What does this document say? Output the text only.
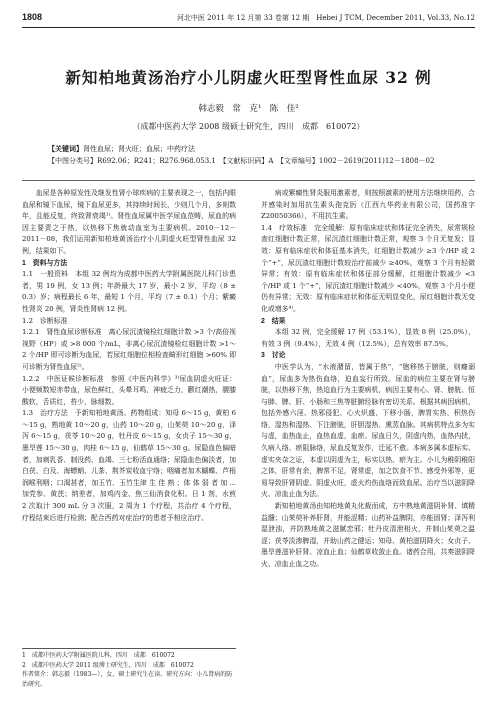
1808	河北中医 2011 年 12 月第 33 卷第 12 期　Hebei J TCM, December 2011, Vol.33, No.12
新知柏地黄汤治疗小儿阴虚火旺型肾性血尿 32 例
韩志毅　常　克¹　陈　佳²
（成都中医药大学 2008 级硕士研究生，四川　成都　610072）
【关键词】肾性血尿；肾火旺；血尿；中药疗法
【中图分类号】R692.06；R241；R276.968.053.1　【文献标识码】A　【文章编号】1002－2619(2011)12－1808－02

血尿是各种原发性及继发性肾小球疾病的主要表现之一，包括内眼血尿和镜下血尿，镜下血尿更多，其持续时间长，少则几个月，多则数年，且能反复，终致肾衰竭¹⁾。肾性血尿属中医学尿血范畴，尿血的病因主要责之于热，以热移下焦就动血室为主要病机。2010－12－2011－08，我们运用新知柏地黄汤治疗小儿阴虚火旺型肾性血尿 32 例，结果如下。

1　资料与方法

1.1　一般资料　本组 32 例均为成都中医药大学附属医院儿科门诊患者，男 19 例，女 13 例；年龄最大 17 岁，最小 2 岁，平均（8 ± 0.3）岁；病程最长 6 年，最短 1 个月，平均（7 ± 0.1）个月；紫癜性肾炎 20 例，肾炎性肾病 12 例。

1.2　诊断标准

1.2.1　肾性血尿诊断标准　离心尿沉渣镜检红细胞计数 >3 个/高倍视视野（HP）或 >8 000 个/mL，非离心尿沉渣镜检红细胞计数 >1～2 个/HP 即可诊断为血尿，若尿红细胞位相检查畸形红细胞 >60% 即可诊断为肾性血尿²⁾。

1.2.2　中医证候诊断标准　参照《中医内科学》³⁾尿血阴虚火旺证：小便频数短赤带血，尿色鲜红，头晕耳鸣，神疲乏力，颧红潮热，腰膝酸软，舌质红，苔少，脉细数。

1.3　治疗方法　予新知柏地黄汤。药物组成：知母 6～15 g，黄柏 6～15 g，熟地黄 10～20 g，山药 10～20 g，山茱萸 10～20 g，泽泻 6～15 g，茯苓 10～20 g，牡丹皮 6～15 g，女贞子 15～30 g，墨旱莲 15～30 g，肉桂 6～15 g，仙鹤草 15～30 g。尿隐血色偏暗者，加刺乳香、制没药、血竭、三七粉活血通络；尿隐血色偏淡者，加白茯、白及、海螵蛸、儿茶、荆芥炭收血宁络；咽痛者加木蝴蝶、芦根润喉利咽；口渴甚者，加玉竹、玉竹生津 生 佳 熟 ；体 体 弱 者 加 ...加党参、黄芪；纳差者，加鸡内金、焦三仙消食化积。日 1 剂，水煎 2 次取汁 300 mL 分 3 次服，2 周为 1 个疗程，共治疗 4 个疗程，疗程结束后进行检测；配合西药对症治疗的患者予相应治疗。

病或紫癜性肾炎服用激素者，则按照激素的使用方法继续用药，合并感染时加用抗生素头孢克肟（江西九华药业有限公司，国药准字 Z20050366），不用抗生素。

1.4　疗效标准　完全缓解：原有临床症状和体征完全消失，尿常规检查红细胞计数正常，尿沉渣红细胞计数正常，观察 3 个月无复发；显效：原有临床症状和体征基本消失，红细胞计数减少 ≥3 个/HP 或 2 个“+”，尿沉渣红细胞计数较治疗前减少 ≥40%，观察 3 个月有轻微异常；有效：原有临床症状和体征部分缓解，红细胞计数减少 <3 个/HP 或 1 个“+”，尿沉渣红细胞计数减少 <40%，观察 3 个月小便仍有异常；无效：原有临床症状和体征无明显变化，尿红细胞计数无变化或增多⁴⁾。

2　结果

本组 32 例，完全缓解 17 例（53.1%），显效 8 例（25.0%），有效 3 例（9.4%），无效 4 例（12.5%），总有效率 87.5%。

3　讨论

中医学认为，“水液潴留，皆属于热”，“胞移热于膀胱，则癃溺血”，尿血多为热伤血络，迫血妄行所致。尿血的病位主要在肾与膀胱，以热移下焦，热迫血行为主要病机，病因主要有心、肾、膀胱、恒与肺、脾、肝、小肠和三焦等脏腑经脉有密切关系。根据其病因病机，包括外感六淫、热邪侵犯、心火炽盛、下移小肠，脾胃实热、积热伤络，湿热和湿热、下注膀胱，肝胆湿热、熏蒸血脉。其病机特点多为实与虚，血热血止，血热血虚，血瘀。尿血日久，阴虚内热，血热内扰，久病入络、瘀阻脉络，尿血反复发作，迁延不愈。本病多属本虚标实、虚实夹杂之证，本虚以阴虚为主，标实以热、瘀为主。小儿为稚阴稚阳之体，肝常有余，脾常不足，肾常虚，加之饮食不节、感受外邪等，更易导致肝肾阴虚、阴虚火旺，虚火灼伤血络而致血尿。治疗当以滋阴降火、凉血止血为法。

新知柏地黄汤由知柏地黄丸化裁而成，方中熟地黄滋阴补肾、填精益髓；山茱萸补养肝肾，并能涩精；山药补益脾阴，亦能固肾；泽泻利湿泄浊，并防熟地黄之滋腻恋邪；牡丹皮清泄相火，并制山茱萸之温涩；茯苓淡渗脾湿，并助山药之健运；知母、黄柏滋阴降火；女贞子、墨旱莲滋补肝肾、凉血止血；仙鹤草收敛止血。诸药合用，共奏滋阴降火、凉血止血之功。

1　成都中医药大学附属医院儿科，四川　成都　610072

2　成都中医药大学 2011 级博士研究生，四川　成都　610072

作者简介：韩志毅（1983—），女，硕士研究生在读。研究方向：小儿肾病的防治研究。
